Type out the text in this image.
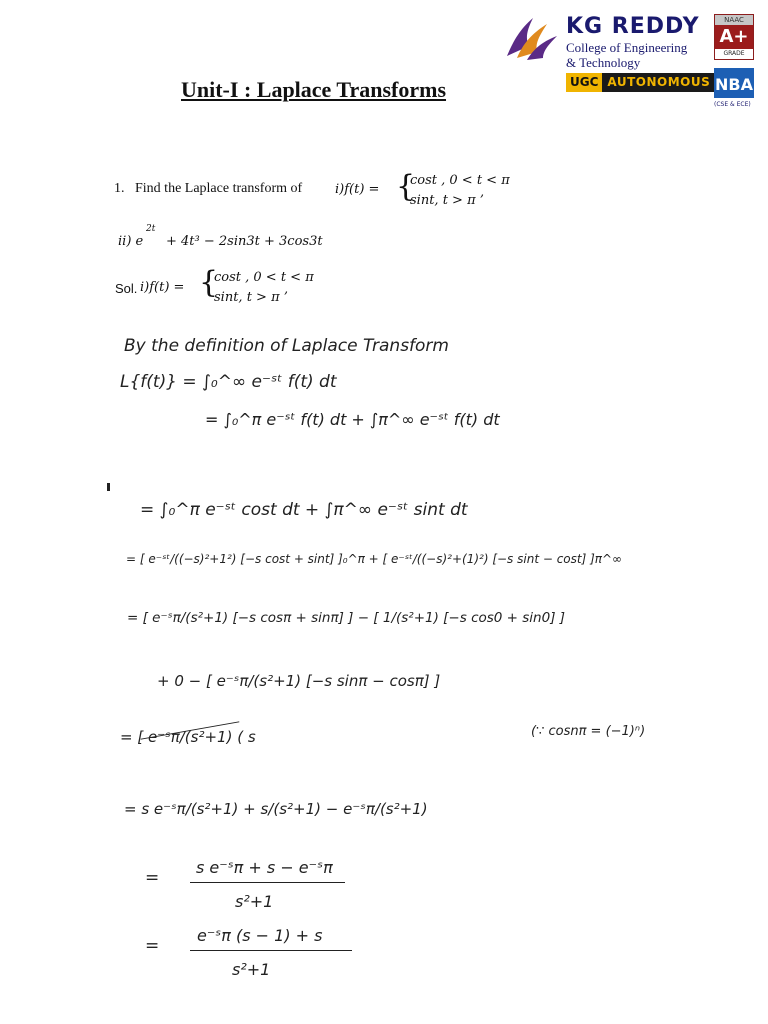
KG REDDY
College of Engineering
& Technology
NAAC
A+
GRADE
UGC AUTONOMOUS NBA
(CSE & ECE)
Unit-I : Laplace Transforms
1. Find the Laplace transform of	i)f(t) = {
cost , 0 < t < π
sint, t > π ’
ii) e
2t
+ 4t³ − 2sin3t + 3cos3t
Sol. i)f(t) = {
cost , 0 < t < π
sint, t > π ’
By the definition of Laplace Transform
L{f(t)} = ∫₀^∞ e⁻ˢᵗ f(t) dt
= ∫₀^π e⁻ˢᵗ f(t) dt + ∫π^∞ e⁻ˢᵗ f(t) dt
= ∫₀^π e⁻ˢᵗ cost dt + ∫π^∞ e⁻ˢᵗ sint dt
= [ e⁻ˢᵗ/((−s)²+1²) [−s cost + sint] ]₀^π + [ e⁻ˢᵗ/((−s)²+(1)²) [−s sint − cost] ]π^∞
= [ e⁻ˢπ/(s²+1) [−s cosπ + sinπ] ] − [ 1/(s²+1) [−s cos0 + sin0] ]
+ 0 − [ e⁻ˢπ/(s²+1) [−s sinπ − cosπ] ]
= [ e⁻ˢπ/(s²+1) ( s	(∵ cosnπ = (−1)ⁿ)
= s e⁻ˢπ/(s²+1) + s/(s²+1) − e⁻ˢπ/(s²+1)
=
s e⁻ˢπ + s − e⁻ˢπ
s²+1
=
e⁻ˢπ (s − 1) + s
s²+1
